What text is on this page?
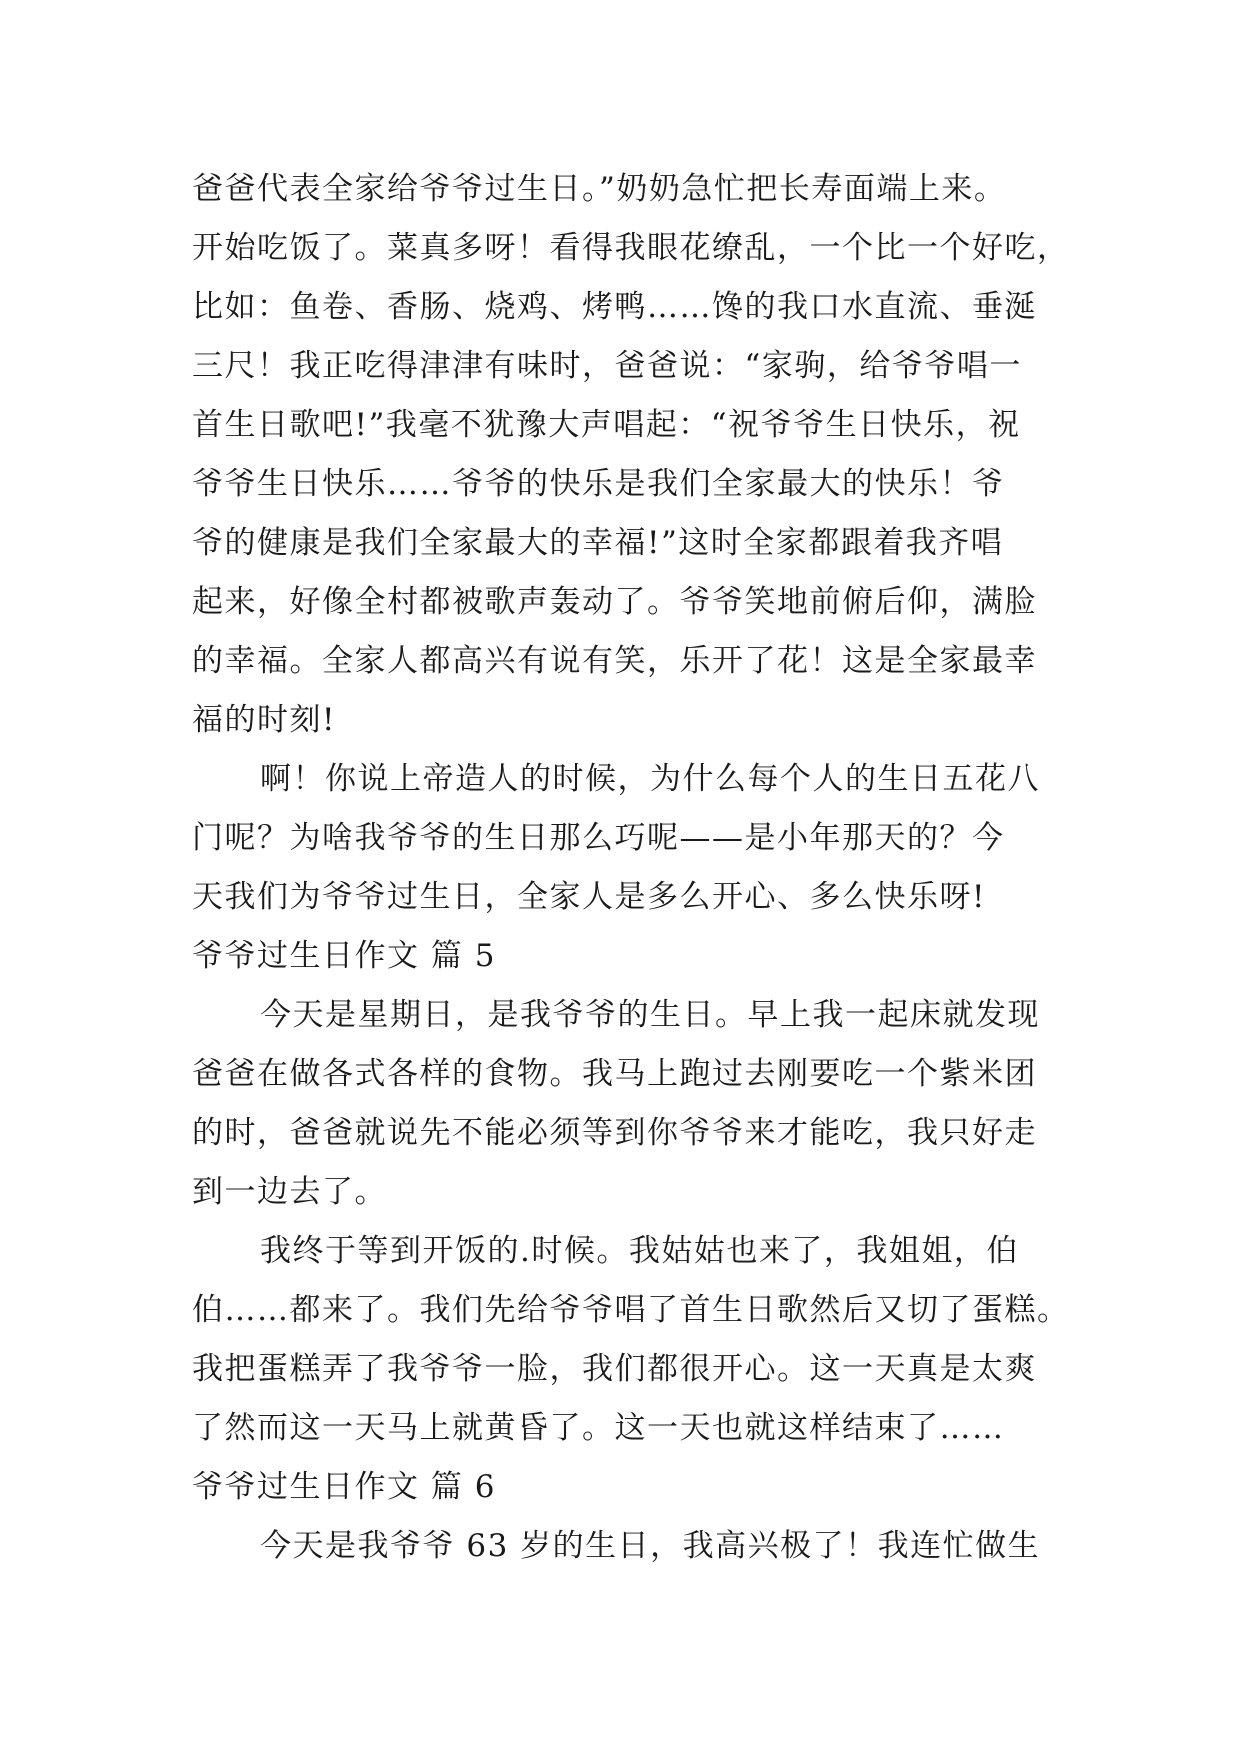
爸爸代表全家给爷爷过生日。”奶奶急忙把长寿面端上来。
开始吃饭了。菜真多呀！看得我眼花缭乱，一个比一个好吃，
比如：鱼卷、香肠、烧鸡、烤鸭……馋的我口水直流、垂涎
三尺！我正吃得津津有味时，爸爸说：“家驹，给爷爷唱一
首生日歌吧!”我毫不犹豫大声唱起：“祝爷爷生日快乐，祝
爷爷生日快乐……爷爷的快乐是我们全家最大的快乐！爷
爷的健康是我们全家最大的幸福!”这时全家都跟着我齐唱
起来，好像全村都被歌声轰动了。爷爷笑地前俯后仰，满脸
的幸福。全家人都高兴有说有笑，乐开了花！这是全家最幸
福的时刻!
啊！你说上帝造人的时候，为什么每个人的生日五花八
门呢？为啥我爷爷的生日那么巧呢——是小年那天的？今
天我们为爷爷过生日，全家人是多么开心、多么快乐呀!
爷爷过生日作文 篇 5
今天是星期日，是我爷爷的生日。早上我一起床就发现
爸爸在做各式各样的食物。我马上跑过去刚要吃一个紫米团
的时，爸爸就说先不能必须等到你爷爷来才能吃，我只好走
到一边去了。
我终于等到开饭的.时候。我姑姑也来了，我姐姐，伯
伯……都来了。我们先给爷爷唱了首生日歌然后又切了蛋糕。
我把蛋糕弄了我爷爷一脸，我们都很开心。这一天真是太爽
了然而这一天马上就黄昏了。这一天也就这样结束了……
爷爷过生日作文 篇 6
今天是我爷爷 63 岁的生日，我高兴极了！我连忙做生
